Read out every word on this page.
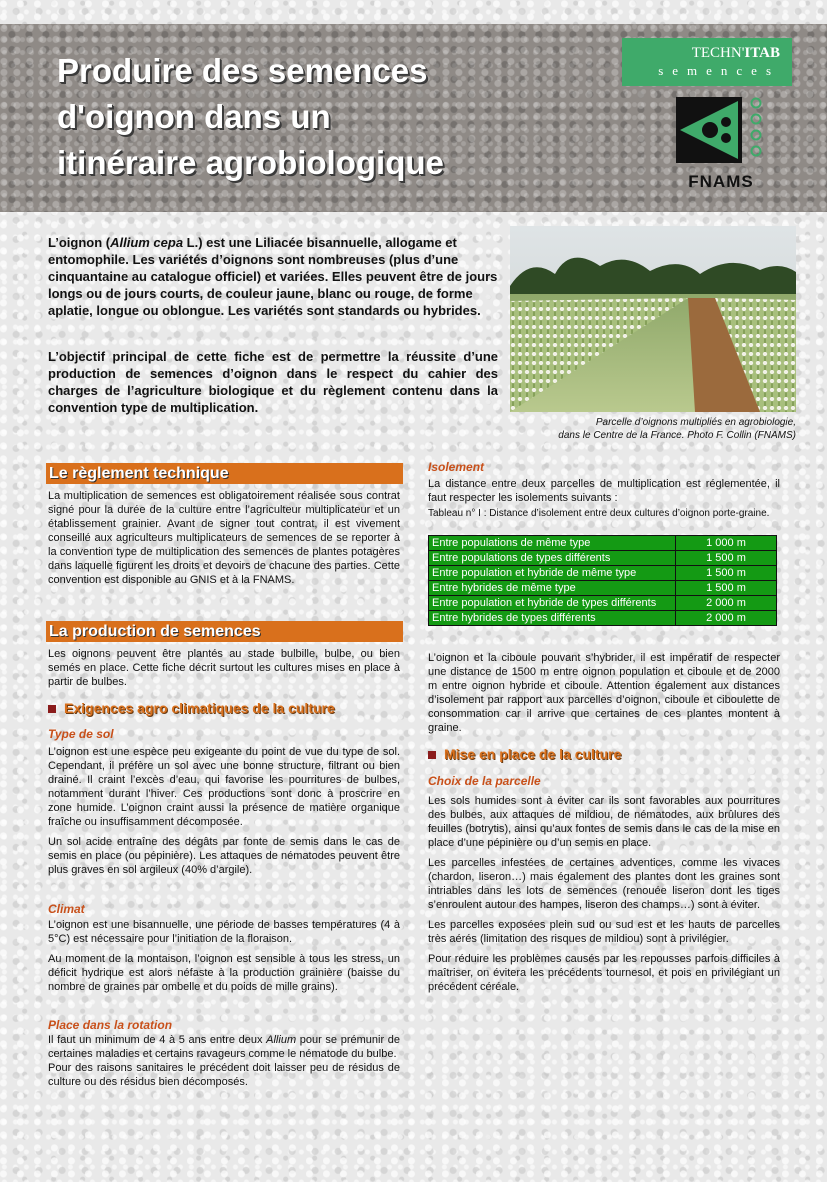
Produire des semences
d'oignon dans un
itinéraire agrobiologique
TECHN'ITAB
semences
FNAMS

L’oignon (Allium cepa L.) est une Liliacée bisannuelle, allogame et entomophile. Les variétés d’oignons sont nombreuses (plus d’une cinquantaine au catalogue officiel) et variées. Elles peuvent être de jours longs ou de jours courts, de couleur jaune, blanc ou rouge, de forme aplatie, longue ou oblongue. Les variétés sont standards ou hybrides.

L’objectif principal de cette fiche est de permettre la réussite d’une production de semences d’oignon dans le respect du cahier des charges de l’agriculture biologique et du règlement contenu dans la convention type de multiplication.

Parcelle d’oignons multipliés en agrobiologie,
dans le Centre de la France. Photo F. Collin (FNAMS)
Le règlement technique

La multiplication de semences est obligatoirement réalisée sous contrat signé pour la durée de la culture entre l’agriculteur multiplicateur et un établissement grainier. Avant de signer tout contrat, il est vivement conseillé aux agriculteurs multiplicateurs de semences de se reporter à la convention type de multiplication des semences de plantes potagères dans laquelle figurent les droits et devoirs de chacune des parties. Cette convention est disponible au GNIS et à la FNAMS.

La production de semences

Les oignons peuvent être plantés au stade bulbille, bulbe, ou bien semés en place. Cette fiche décrit surtout les cultures mises en place à partir de bulbes.

Exigences agro climatiques de la culture
Type de sol

L’oignon est une espèce peu exigeante du point de vue du type de sol. Cependant, il préfère un sol avec une bonne structure, filtrant ou bien drainé. Il craint l’excès d’eau, qui favorise les pourritures de bulbes, notamment durant l’hiver. Ces productions sont donc à proscrire en zone humide. L’oignon craint aussi la présence de matière organique fraîche ou insuffisamment décomposée.

Un sol acide entraîne des dégâts par fonte de semis dans le cas de semis en place (ou pépinière). Les attaques de nématodes peuvent être plus graves en sol argileux (40% d’argile).

Climat

L’oignon est une bisannuelle, une période de basses températures (4 à 5°C) est nécessaire pour l’initiation de la floraison.

Au moment de la montaison, l’oignon est sensible à tous les stress, un déficit hydrique est alors néfaste à la production grainière (baisse du nombre de graines par ombelle et du poids de mille grains).

Place dans la rotation

Il faut un minimum de 4 à 5 ans entre deux Allium pour se prémunir de certaines maladies et certains ravageurs comme le nématode du bulbe.

Pour des raisons sanitaires le précédent doit laisser peu de résidus de culture ou des résidus bien décomposés.

Isolement

La distance entre deux parcelles de multiplication est réglementée, il faut respecter les isolements suivants :

Tableau n° I : Distance d’isolement entre deux cultures d’oignon porte-graine.
Entre populations de même type	1 000 m
Entre populations de types différents	1 500 m
Entre population et hybride de même type	1 500 m
Entre hybrides de même type	1 500 m
Entre population et hybride de types différents	2 000 m
Entre hybrides de types différents	2 000 m

L’oignon et la ciboule pouvant s’hybrider, il est impératif de respecter une distance de 1500 m entre oignon population et ciboule et de 2000 m entre oignon hybride et ciboule. Attention également aux distances d’isolement par rapport aux parcelles d’oignon, ciboule et ciboulette de consommation car il arrive que certaines de ces plantes montent à graine.

Mise en place de la culture
Choix de la parcelle

Les sols humides sont à éviter car ils sont favorables aux pourritures des bulbes, aux attaques de mildiou, de nématodes, aux brûlures des feuilles (botrytis), ainsi qu’aux fontes de semis dans le cas de la mise en place d’une pépinière ou d’un semis en place.

Les parcelles infestées de certaines adventices, comme les vivaces (chardon, liseron…) mais également des plantes dont les graines sont intriables dans les lots de semences (renouée liseron dont les tiges s’enroulent autour des hampes, liseron des champs…) sont à éviter.

Les parcelles exposées plein sud ou sud est et les hauts de parcelles très aérés (limitation des risques de mildiou) sont à privilégier.

Pour réduire les problèmes causés par les repousses parfois difficiles à maîtriser, on évitera les précédents tournesol, et pois en privilégiant un précédent céréale.
